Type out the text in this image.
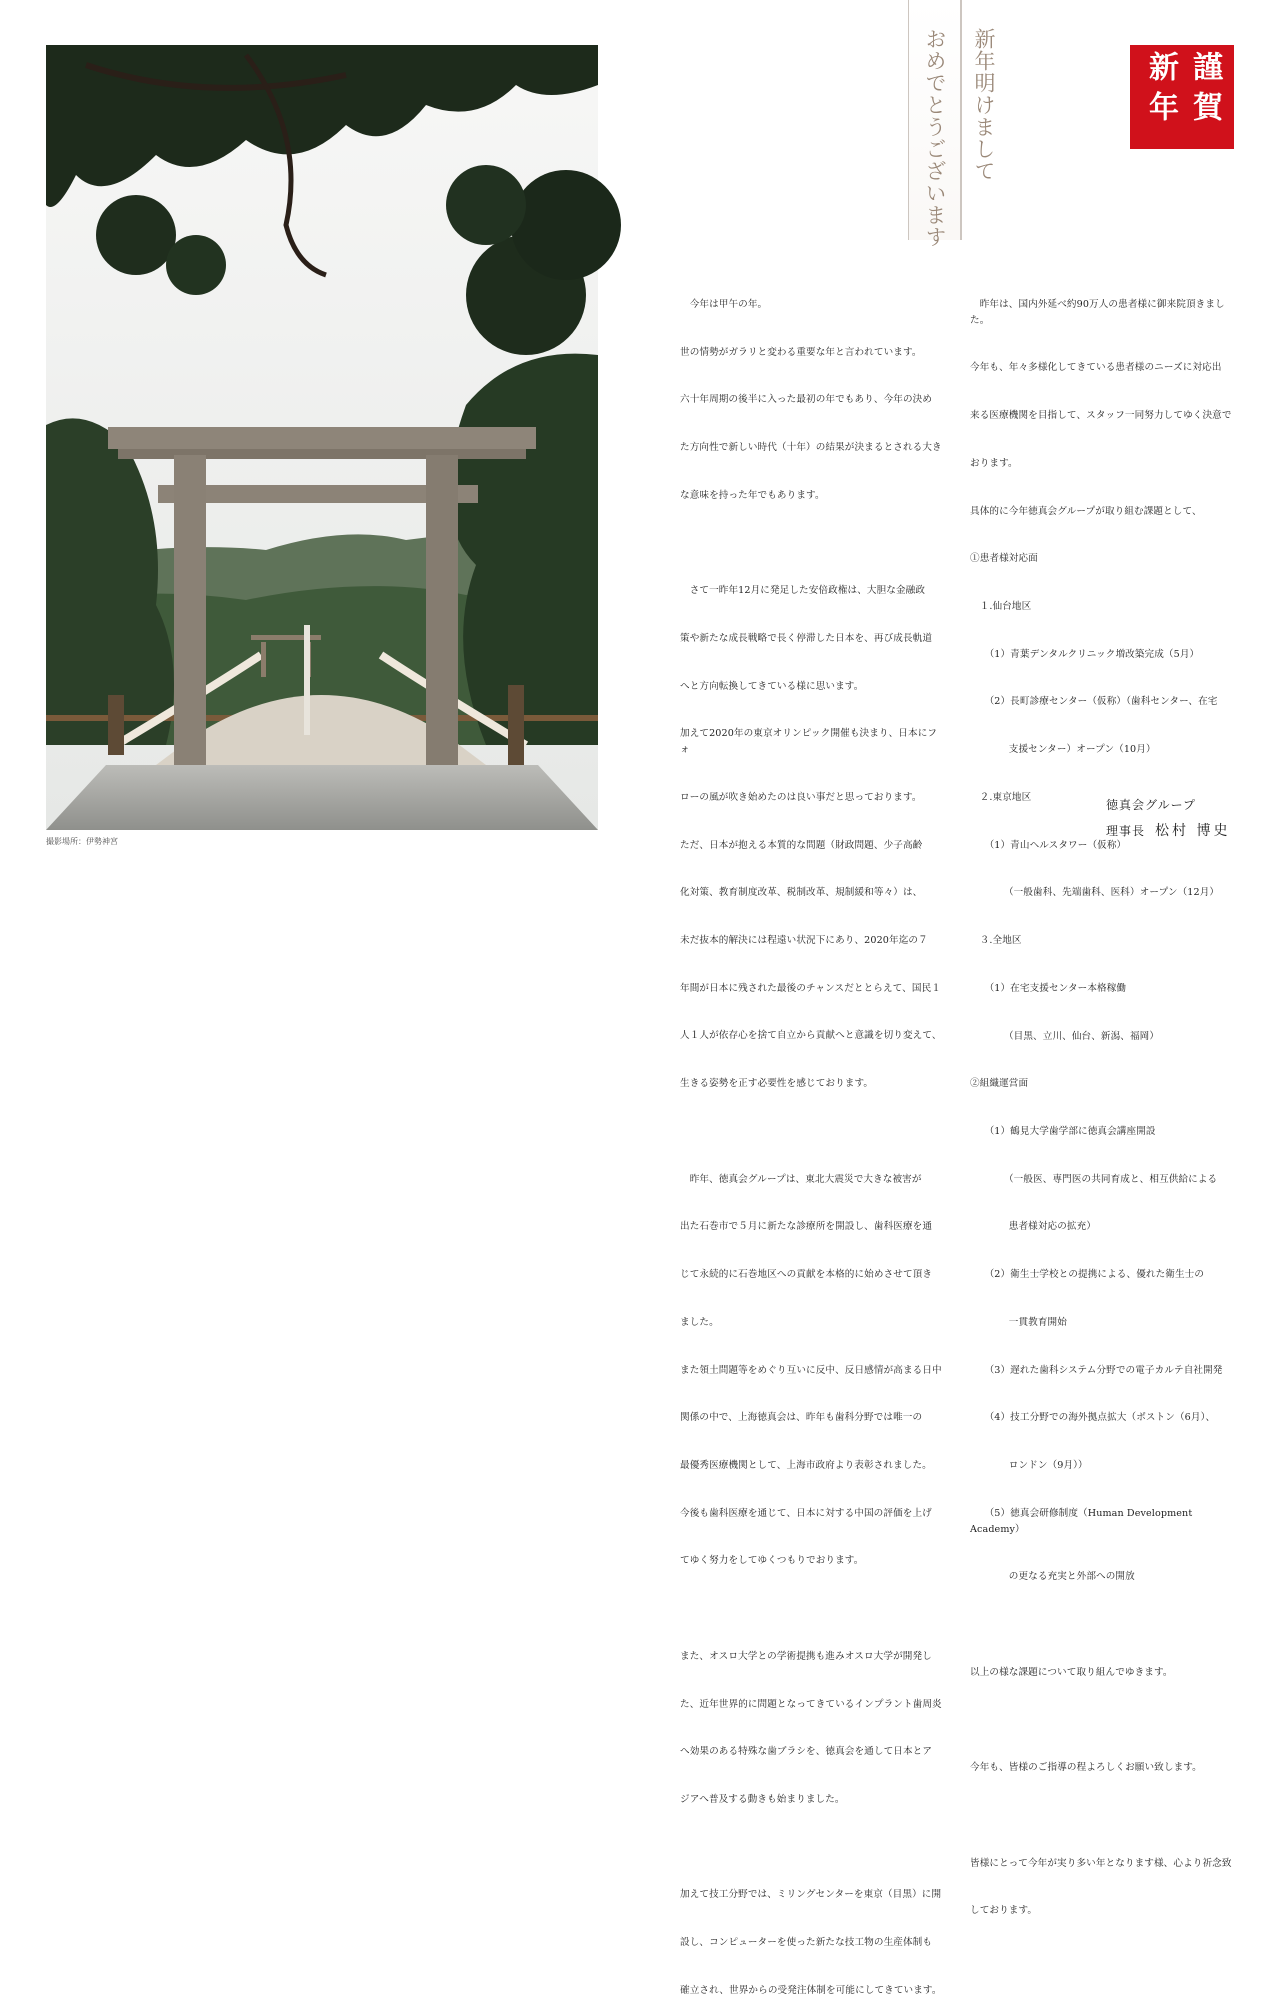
撮影場所：伊勢神宮
謹賀
新年
新年明けまして
おめでとうございます

　今年は甲午の年。

世の情勢がガラリと変わる重要な年と言われています。

六十年周期の後半に入った最初の年でもあり、今年の決め

た方向性で新しい時代（十年）の結果が決まるとされる大き

な意味を持った年でもあります。

　さて一昨年12月に発足した安倍政権は、大胆な金融政

策や新たな成長戦略で長く停滞した日本を、再び成長軌道

へと方向転換してきている様に思います。

加えて2020年の東京オリンピック開催も決まり、日本にフォ

ローの風が吹き始めたのは良い事だと思っております。

ただ、日本が抱える本質的な問題（財政問題、少子高齢

化対策、教育制度改革、税制改革、規制緩和等々）は、

未だ抜本的解決には程遠い状況下にあり、2020年迄の７

年間が日本に残された最後のチャンスだととらえて、国民１

人１人が依存心を捨て自立から貢献へと意識を切り変えて、

生きる姿勢を正す必要性を感じております。

　昨年、徳真会グループは、東北大震災で大きな被害が

出た石巻市で５月に新たな診療所を開設し、歯科医療を通

じて永続的に石巻地区への貢献を本格的に始めさせて頂き

ました。

また領土問題等をめぐり互いに反中、反日感情が高まる日中

関係の中で、上海徳真会は、昨年も歯科分野では唯一の

最優秀医療機関として、上海市政府より表彰されました。

今後も歯科医療を通じて、日本に対する中国の評価を上げ

てゆく努力をしてゆくつもりでおります。

また、オスロ大学との学術提携も進みオスロ大学が開発し

た、近年世界的に問題となってきているインプラント歯周炎

へ効果のある特殊な歯ブラシを、徳真会を通して日本とア

ジアへ普及する動きも始まりました。

加えて技工分野では、ミリングセンターを東京（目黒）に開

設し、コンピューターを使った新たな技工物の生産体制も

確立され、世界からの受発注体制を可能にしてきています。

　昨年は、国内外延べ約90万人の患者様に御来院頂きました。

今年も、年々多様化してきている患者様のニーズに対応出

来る医療機関を目指して、スタッフ一同努力してゆく決意で

おります。

具体的に今年徳真会グループが取り組む課題として、

①患者様対応面

　１.仙台地区

　　（1）青葉デンタルクリニック増改築完成（5月）

　　（2）長町診療センター（仮称）（歯科センター、在宅

　　　　支援センター）オープン（10月）

　２.東京地区

　　（1）青山ヘルスタワー（仮称）

　　　　（一般歯科、先端歯科、医科）オープン（12月）

　３.全地区

　　（1）在宅支援センター本格稼働

　　　　（目黒、立川、仙台、新潟、福岡）

②組織運営面

　　（1）鶴見大学歯学部に徳真会講座開設

　　　　（一般医、専門医の共同育成と、相互供給による

　　　　患者様対応の拡充）

　　（2）衛生士学校との提携による、優れた衛生士の

　　　　一貫教育開始

　　（3）遅れた歯科システム分野での電子カルテ自社開発

　　（4）技工分野での海外拠点拡大（ボストン（6月）、

　　　　ロンドン（9月））

　　（5）徳真会研修制度（Human Development Academy）

　　　　の更なる充実と外部への開放

以上の様な課題について取り組んでゆきます。

今年も、皆様のご指導の程よろしくお願い致します。

皆様にとって今年が実り多い年となります様、心より祈念致

しております。

徳真会グループ
理事長 松村 博史
